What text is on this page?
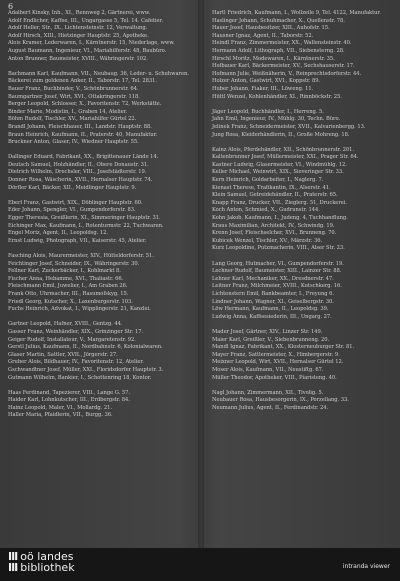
6

Adalbert Kinsky, Inh., XI., Rennweg 2, Gärtnerei, www.

Adolf Endlicher, Kaffee, III., Ungargasse 5, Tel. 14. Cafetier.

Adolf Heller, Str., IX., Lichtensteinstr. 12, Verwaltung.

Adolf Hirsch, XIII., Hietzinger Hauptstr. 25, Apotheke.

Alois Kramer, Lederwaren, I., Kärntnerstr. 15, Niederlage, www.

August Baumann, Ingenieur, VI., Mariahilferstr. 48, Baubüro.

Anton Brunner, Baumeister, XVIII., Währingerstr. 102.

Bachmann Karl, Kaufmann, VII., Neubaug. 36, Leder- u. Schuhwaren.

Bäckerei zum goldenen Anker, II., Taborstr. 17, Tel. 2831.

Bauer Franz, Buchbinder, V., Schönbrunnerstr. 64.

Baumgartner Josef, Wirt, XVI., Ottakringerstr. 118.

Berger Leopold, Schlosser, X., Favoritenstr. 72, Werkstätte.

Binder Marie, Modistin, I., Graben 14, Atelier.

Böhm Rudolf, Tischler, XV., Mariahilfer Gürtel 22.

Brandl Johann, Fleischhauer, III., Landstr. Hauptstr. 88.

Braun Heinrich, Kaufmann, II., Praterstr. 40, Manufaktur.

Bruckner Anton, Glaser, IV., Wiedner Hauptstr. 55.

Dallinger Eduard, Fabrikant, XX., Brigittenauer Lände 14.

Deutsch Samuel, Holzhändler, II., Obere Donaustr. 31.

Dietrich Wilhelm, Drechsler, VIII., Josefstädterstr. 19.

Donner Rosa, Wäscherin, XVII., Hernalser Hauptstr. 74.

Dörfler Karl, Bäcker, XII., Meidlinger Hauptstr. 9.

Eberl Franz, Gastwirt, XIX., Döblinger Hauptstr. 60.

Eder Johann, Spengler, VI., Gumpendorferstr. 83.

Egger Theresia, Greißlerin, XI., Simmeringer Hauptstr. 31.

Eichinger Max, Kaufmann, I., Rotenturmstr. 22, Tuchwaren.

Engel Moriz, Agent, II., Leopoldsg. 12.

Ernst Ludwig, Photograph, VII., Kaiserstr. 45, Atelier.

Fasching Alois, Maurermeister, XIV., Hütteldorferstr. 51.

Feichtinger Josef, Schneider, IX., Währingerstr. 30.

Fellner Karl, Zuckerbäcker, I., Kohlmarkt 8.

Fischer Anna, Hebamme, XVI., Thaliastr. 66.

Fleischmann Emil, Juwelier, I., Am Graben 26.

Frank Otto, Uhrmacher, III., Rasumofskyg. 15.

Friedl Georg, Kutscher, X., Laxenburgerstr. 103.

Fuchs Heinrich, Advokat, I., Wipplingerstr. 21, Kanzlei.

Gartner Leopold, Hafner, XVIII., Gentzg. 44.

Gasser Franz, Weinhändler, XIX., Grinzinger Str. 17.

Geiger Rudolf, Installateur, V., Margaretenstr. 92.

Gerstl Julius, Kaufmann, II., Nordbahnstr. 6, Kolonialwaren.

Glaser Martin, Sattler, XVII., Jörgerstr. 27.

Gruber Alois, Bildhauer, IV., Favoritenstr. 12, Atelier.

Gschwandtner Josef, Müller, XXI., Floridsdorfer Hauptstr. 3.

Gutmann Wilhelm, Bankier, I., Schottenring 18, Kontor.

Haas Ferdinand, Tapezierer, VIII., Lange G. 57.

Haider Karl, Lohnkutscher, III., Erdbergstr. 84.

Hainz Leopold, Maler, VI., Mollardg. 21.

Haller Maria, Pfaidlerin, VII., Burgg. 36.

Hartl Friedrich, Kaufmann, I., Wollzeile 9, Tel. 4122, Manufaktur.

Haslinger Johann, Schuhmacher, X., Quellenstr. 78.

Hauer Josef, Hausbesitzer, XIII., Auhofstr. 15.

Hausner Ignaz, Agent, II., Taborstr. 52.

Heindl Franz, Zimmermeister, XX., Wallensteinstr. 40.

Hermann Adolf, Lithograph, VII., Siebensterng. 28.

Hirschl Moritz, Modewaren, I., Kärntnerstr. 35.

Hofbauer Karl, Bäckermeister, XV., Sechshauserstr. 17.

Hofmann Julie, Weißnäherin, V., Reinprechtsdorferstr. 44.

Holzer Anton, Gastwirt, XVI., Koppstr. 89.

Huber Johann, Fiaker, III., Löweng. 11.

Hüttl Wenzel, Kohlenhändler, XI., Rinnböckstr. 25.

Jäger Leopold, Buchhändler, I., Herreng. 5.

Jahn Emil, Ingenieur, IV., Mühlg. 30, Techn. Büro.

Jelinek Franz, Schneidermeister, XVII., Kalvarienbergg. 13.

Jung Rosa, Kleiderhändlerin, II., Große Mohreng. 18.

Kainz Alois, Pferdehändler, XII., Schönbrunnerstr. 201.

Kaltenbrunner Josef, Müllermeister, XXI., Prager Str. 64.

Kastner Ludwig, Glasermeister, VI., Windmühlg. 12.

Keller Michael, Weinwirt, XIX., Sieveringer Str. 33.

Kern Heinrich, Goldarbeiter, I., Naglerg. 7.

Kienast Therese, Trafikantin, IX., Alserstr. 41.

Klein Samuel, Getreidehändler, II., Praterstr. 65.

Knapp Franz, Drucker, VII., Zieglerg. 51, Druckerei.

Koch Anton, Schmied, X., Gudrunstr. 144.

Kohn Jakob, Kaufmann, I., Judeng. 4, Tuchhandlung.

Kraus Maximilian, Architekt, IV., Schwindg. 19.

Krenn Josef, Fleischselcher, XVI., Brunneng. 70.

Kubicek Wenzel, Tischler, XV., Märzstr. 36.

Kurz Leopoldine, Putzmacherin, VIII., Alser Str. 23.

Lang Georg, Hutmacher, VI., Gumpendorferstr. 19.

Lechner Rudolf, Baumeister, XIII., Lainzer Str. 88.

Lehner Karl, Mechaniker, XX., Dresdnerstr. 47.

Leitner Franz, Milchmeier, XVIII., Kutschkerg. 16.

Lichtenstern Emil, Bankbeamter, I., Freyung 6.

Lindner Johann, Wagner, XI., Geiselbergstr. 30.

Löw Hermann, Kaufmann, II., Leopoldsg. 39.

Ludwig Anna, Kaffeesiederin, III., Ungarg. 27.

Mader Josef, Gärtner, XIV., Linzer Str. 149.

Maier Karl, Greißler, V., Siebenbrunneng. 20.

Mandl Ignaz, Fabrikant, XX., Klosterneuburger Str. 81.

Mayer Franz, Sattlermeister, X., Himbergerstr. 9.

Meixner Leopold, Wirt, XVII., Hernalser Gürtel 12.

Moser Alois, Kaufmann, VII., Neustiftg. 67.

Müller Theodor, Apotheker, VIII., Piaristeng. 40.

Nagl Johann, Zimmermann, XII., Tivolig. 5.

Neubauer Rosa, Hausbesorgerin, IX., Porzellang. 33.

Neumann Julius, Agent, II., Ferdinandstr. 24.

III oö landes
III bibliothek	intranda viewer
